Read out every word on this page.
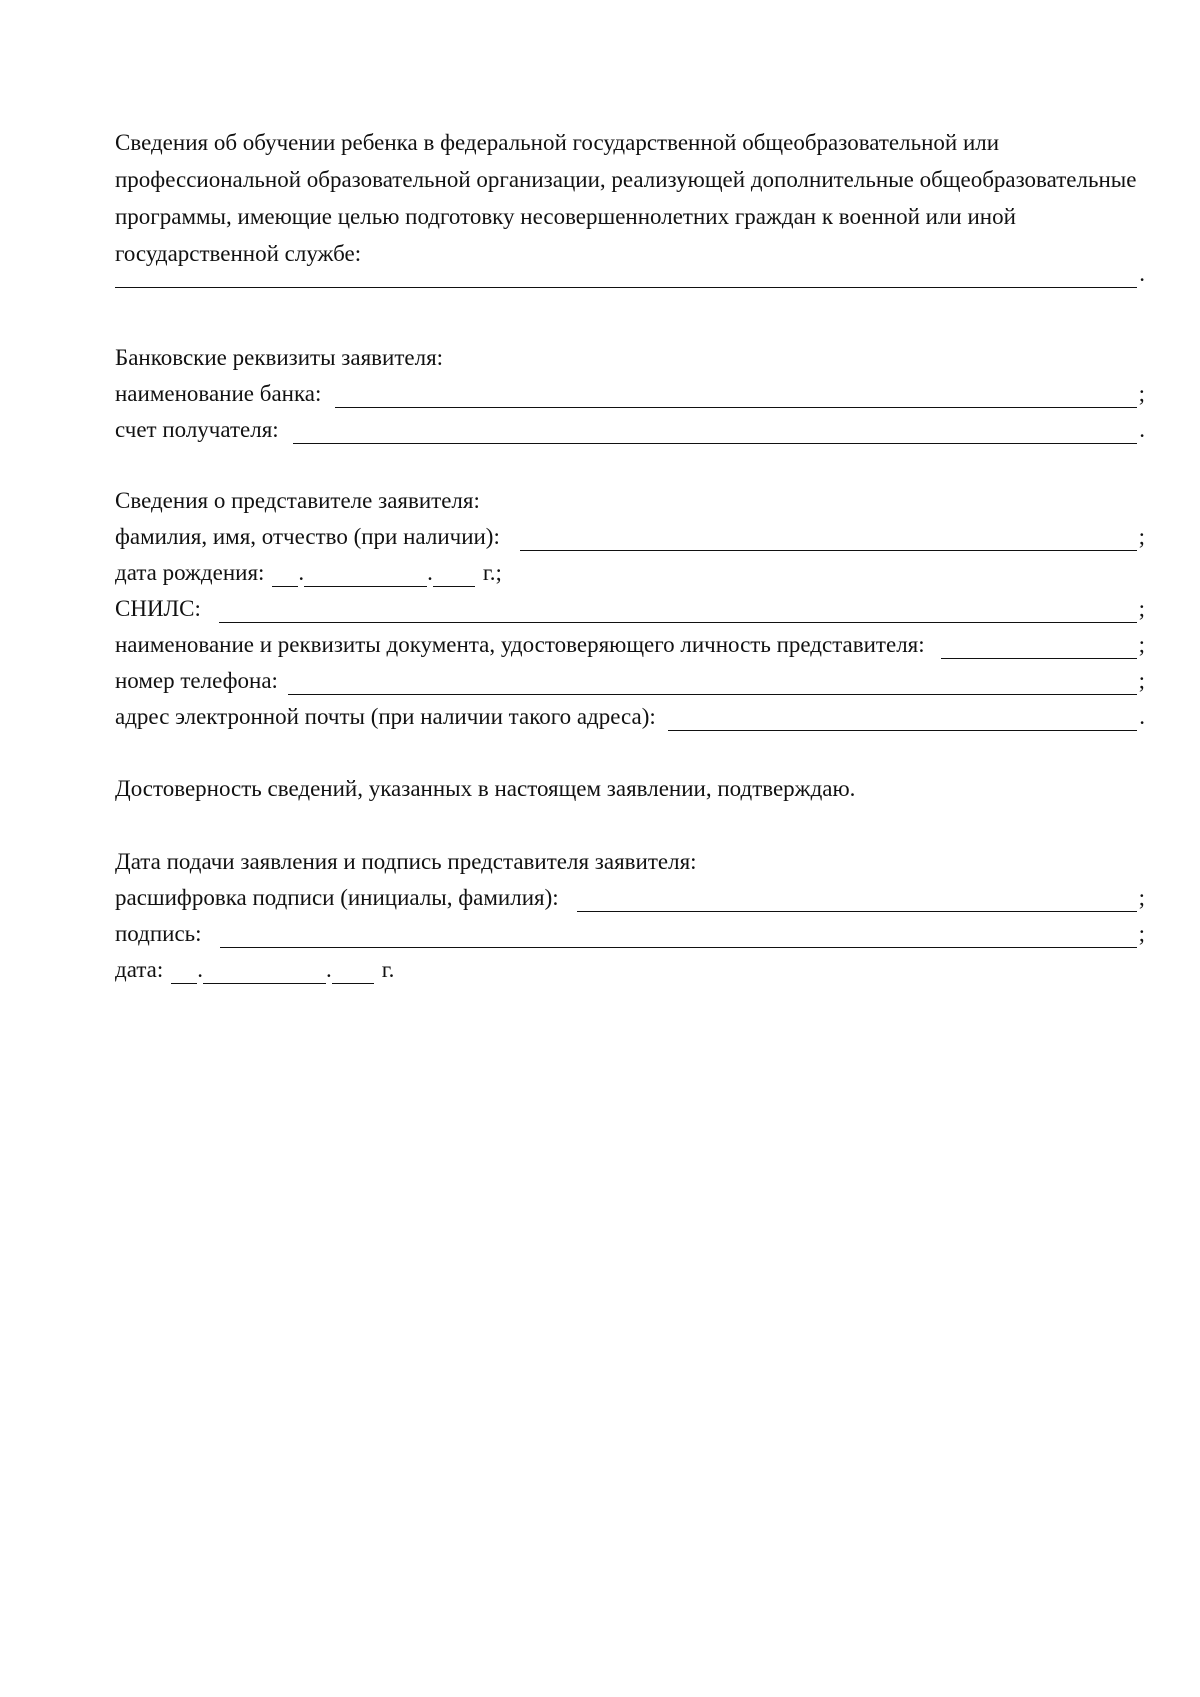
Сведения об обучении ребенка в федеральной государственной общеобразовательной или профессиональной образовательной организации, реализующей дополнительные общеобразовательные программы, имеющие целью подготовку несовершеннолетних граждан к военной или иной государственной службе:
.
Банковские реквизиты заявителя:
наименование банка:	;
счет получателя:	.
Сведения о представителе заявителя:
фамилия, имя, отчество (при наличии):	;
дата рождения: .	. г.;
СНИЛС:	;
наименование и реквизиты документа, удостоверяющего личность представителя:	;
номер телефона:	;
адрес электронной почты (при наличии такого адреса):	.
Достоверность сведений, указанных в настоящем заявлении, подтверждаю.
Дата подачи заявления и подпись представителя заявителя:
расшифровка подписи (инициалы, фамилия):	;
подпись:	;
дата: .	. г.
